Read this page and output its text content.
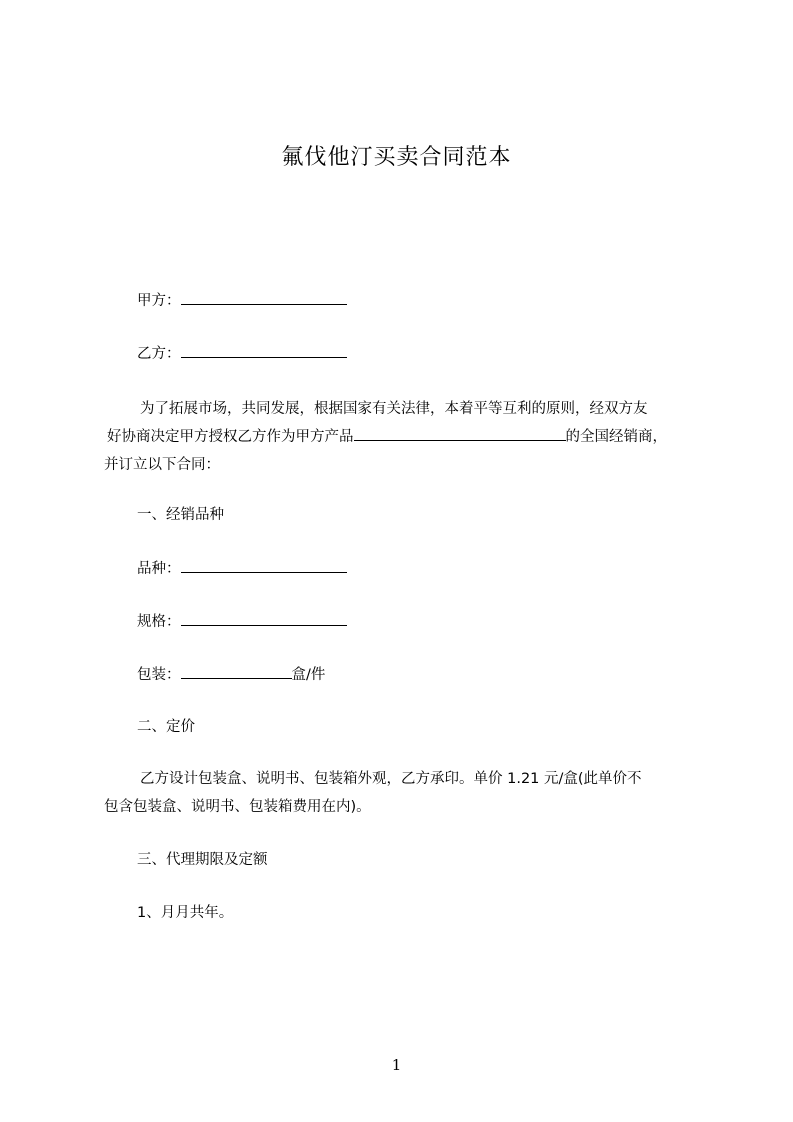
氟伐他汀买卖合同范本
甲方：
乙方：
为了拓展市场，共同发展，根据国家有关法律，本着平等互利的原则，经双方友
好协商决定甲方授权乙方作为甲方产品	的全国经销商，
并订立以下合同：
一、经销品种
品种：
规格：
包装：	盒/件
二、定价
乙方设计包装盒、说明书、包装箱外观，乙方承印。单价 1.21 元/盒(此单价不
包含包装盒、说明书、包装箱费用在内)。
三、代理期限及定额
1、月月共年。
1
